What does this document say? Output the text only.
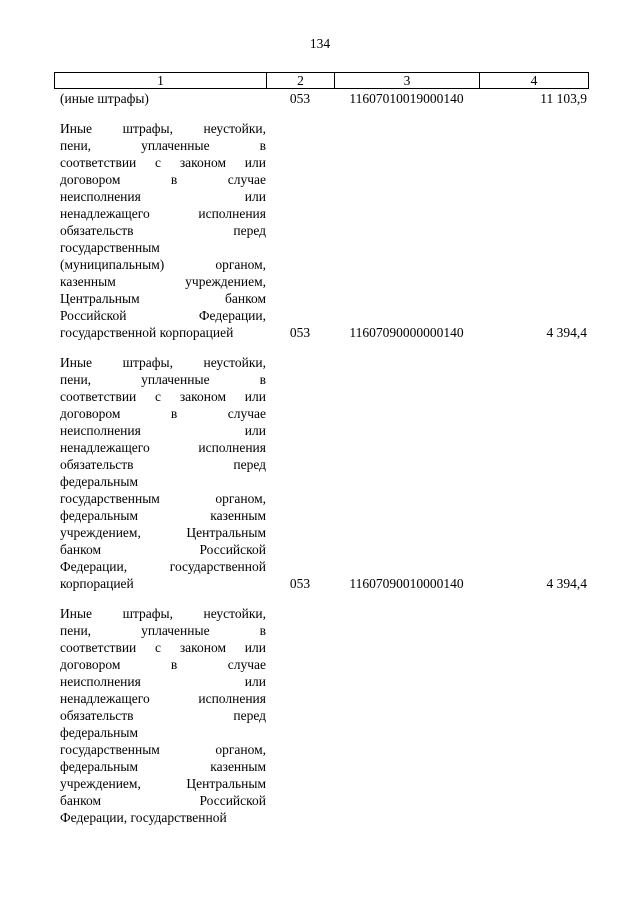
134
1	2	3	4
(иные штрафы)	053	11607010019000140	11 103,9
Иные штрафы, неустойки,
пени, уплаченные в
соответствии с законом или
договором в случае
неисполнения или
ненадлежащего исполнения
обязательств перед
государственным
(муниципальным) органом,
казенным учреждением,
Центральным банком
Российской Федерации,
государственной корпорацией	053	11607090000000140	4 394,4
Иные штрафы, неустойки,
пени, уплаченные в
соответствии с законом или
договором в случае
неисполнения или
ненадлежащего исполнения
обязательств перед
федеральным
государственным органом,
федеральным казенным
учреждением, Центральным
банком Российской
Федерации, государственной
корпорацией	053	11607090010000140	4 394,4
Иные штрафы, неустойки,
пени, уплаченные в
соответствии с законом или
договором в случае
неисполнения или
ненадлежащего исполнения
обязательств перед
федеральным
государственным органом,
федеральным казенным
учреждением, Центральным
банком Российской
Федерации, государственной
